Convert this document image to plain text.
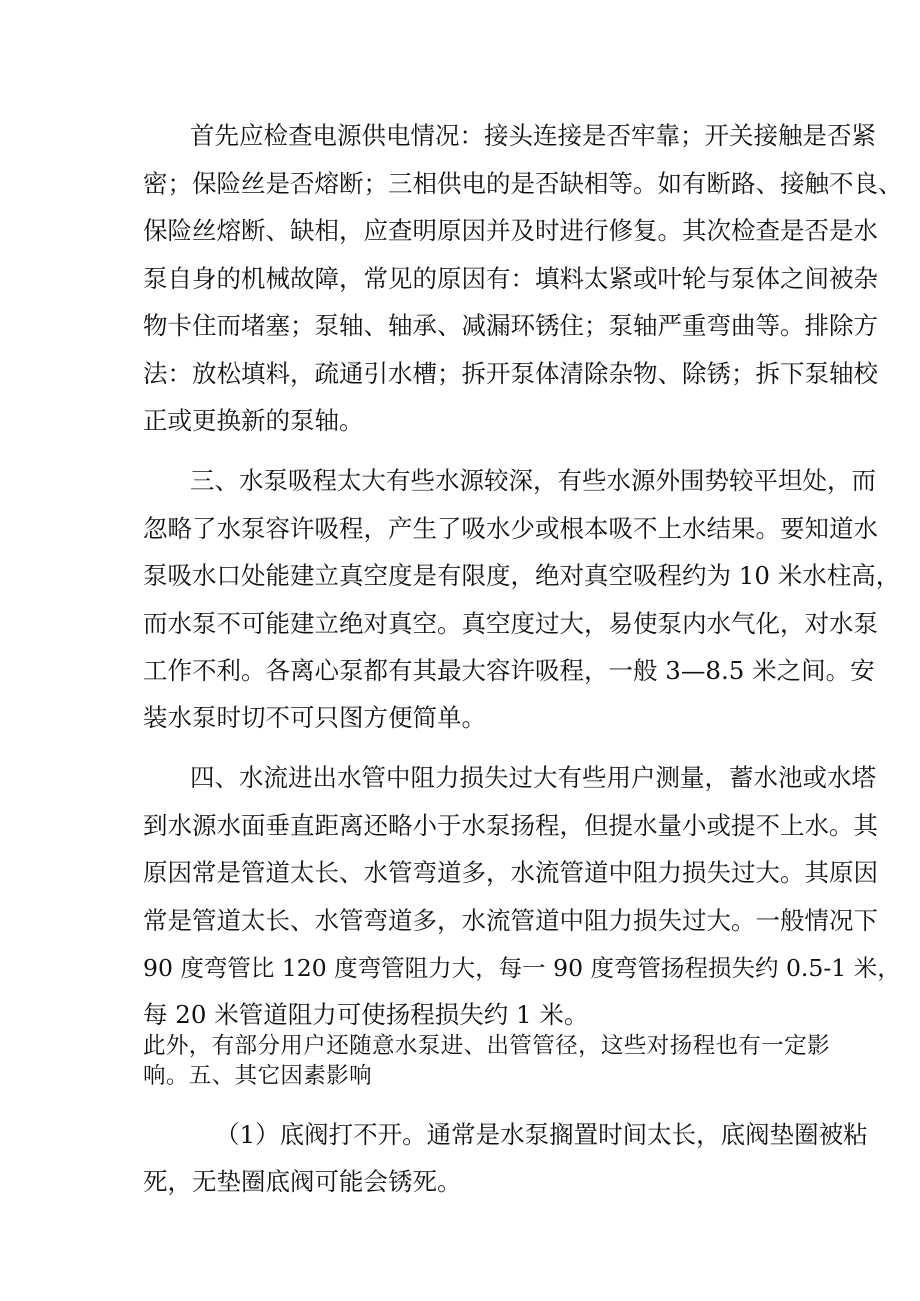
首先应检查电源供电情况：接头连接是否牢靠；开关接触是否紧
密；保险丝是否熔断；三相供电的是否缺相等。如有断路、接触不良、
保险丝熔断、缺相，应查明原因并及时进行修复。其次检查是否是水
泵自身的机械故障，常见的原因有：填料太紧或叶轮与泵体之间被杂
物卡住而堵塞；泵轴、轴承、减漏环锈住；泵轴严重弯曲等。排除方
法：放松填料，疏通引水槽；拆开泵体清除杂物、除锈；拆下泵轴校
正或更换新的泵轴。
三、水泵吸程太大有些水源较深，有些水源外围势较平坦处，而
忽略了水泵容许吸程，产生了吸水少或根本吸不上水结果。要知道水
泵吸水口处能建立真空度是有限度，绝对真空吸程约为 10 米水柱高，
而水泵不可能建立绝对真空。真空度过大，易使泵内水气化，对水泵
工作不利。各离心泵都有其最大容许吸程，一般 3—8.5 米之间。安
装水泵时切不可只图方便简单。
四、水流进出水管中阻力损失过大有些用户测量，蓄水池或水塔
到水源水面垂直距离还略小于水泵扬程，但提水量小或提不上水。其
原因常是管道太长、水管弯道多，水流管道中阻力损失过大。其原因
常是管道太长、水管弯道多，水流管道中阻力损失过大。一般情况下
90 度弯管比 120 度弯管阻力大，每一 90 度弯管扬程损失约 0.5-1 米，
每 20 米管道阻力可使扬程损失约 1 米。
此外，有部分用户还随意水泵进、出管管径，这些对扬程也有一定影
响。五、其它因素影响
（1）底阀打不开。通常是水泵搁置时间太长，底阀垫圈被粘
死，无垫圈底阀可能会锈死。
